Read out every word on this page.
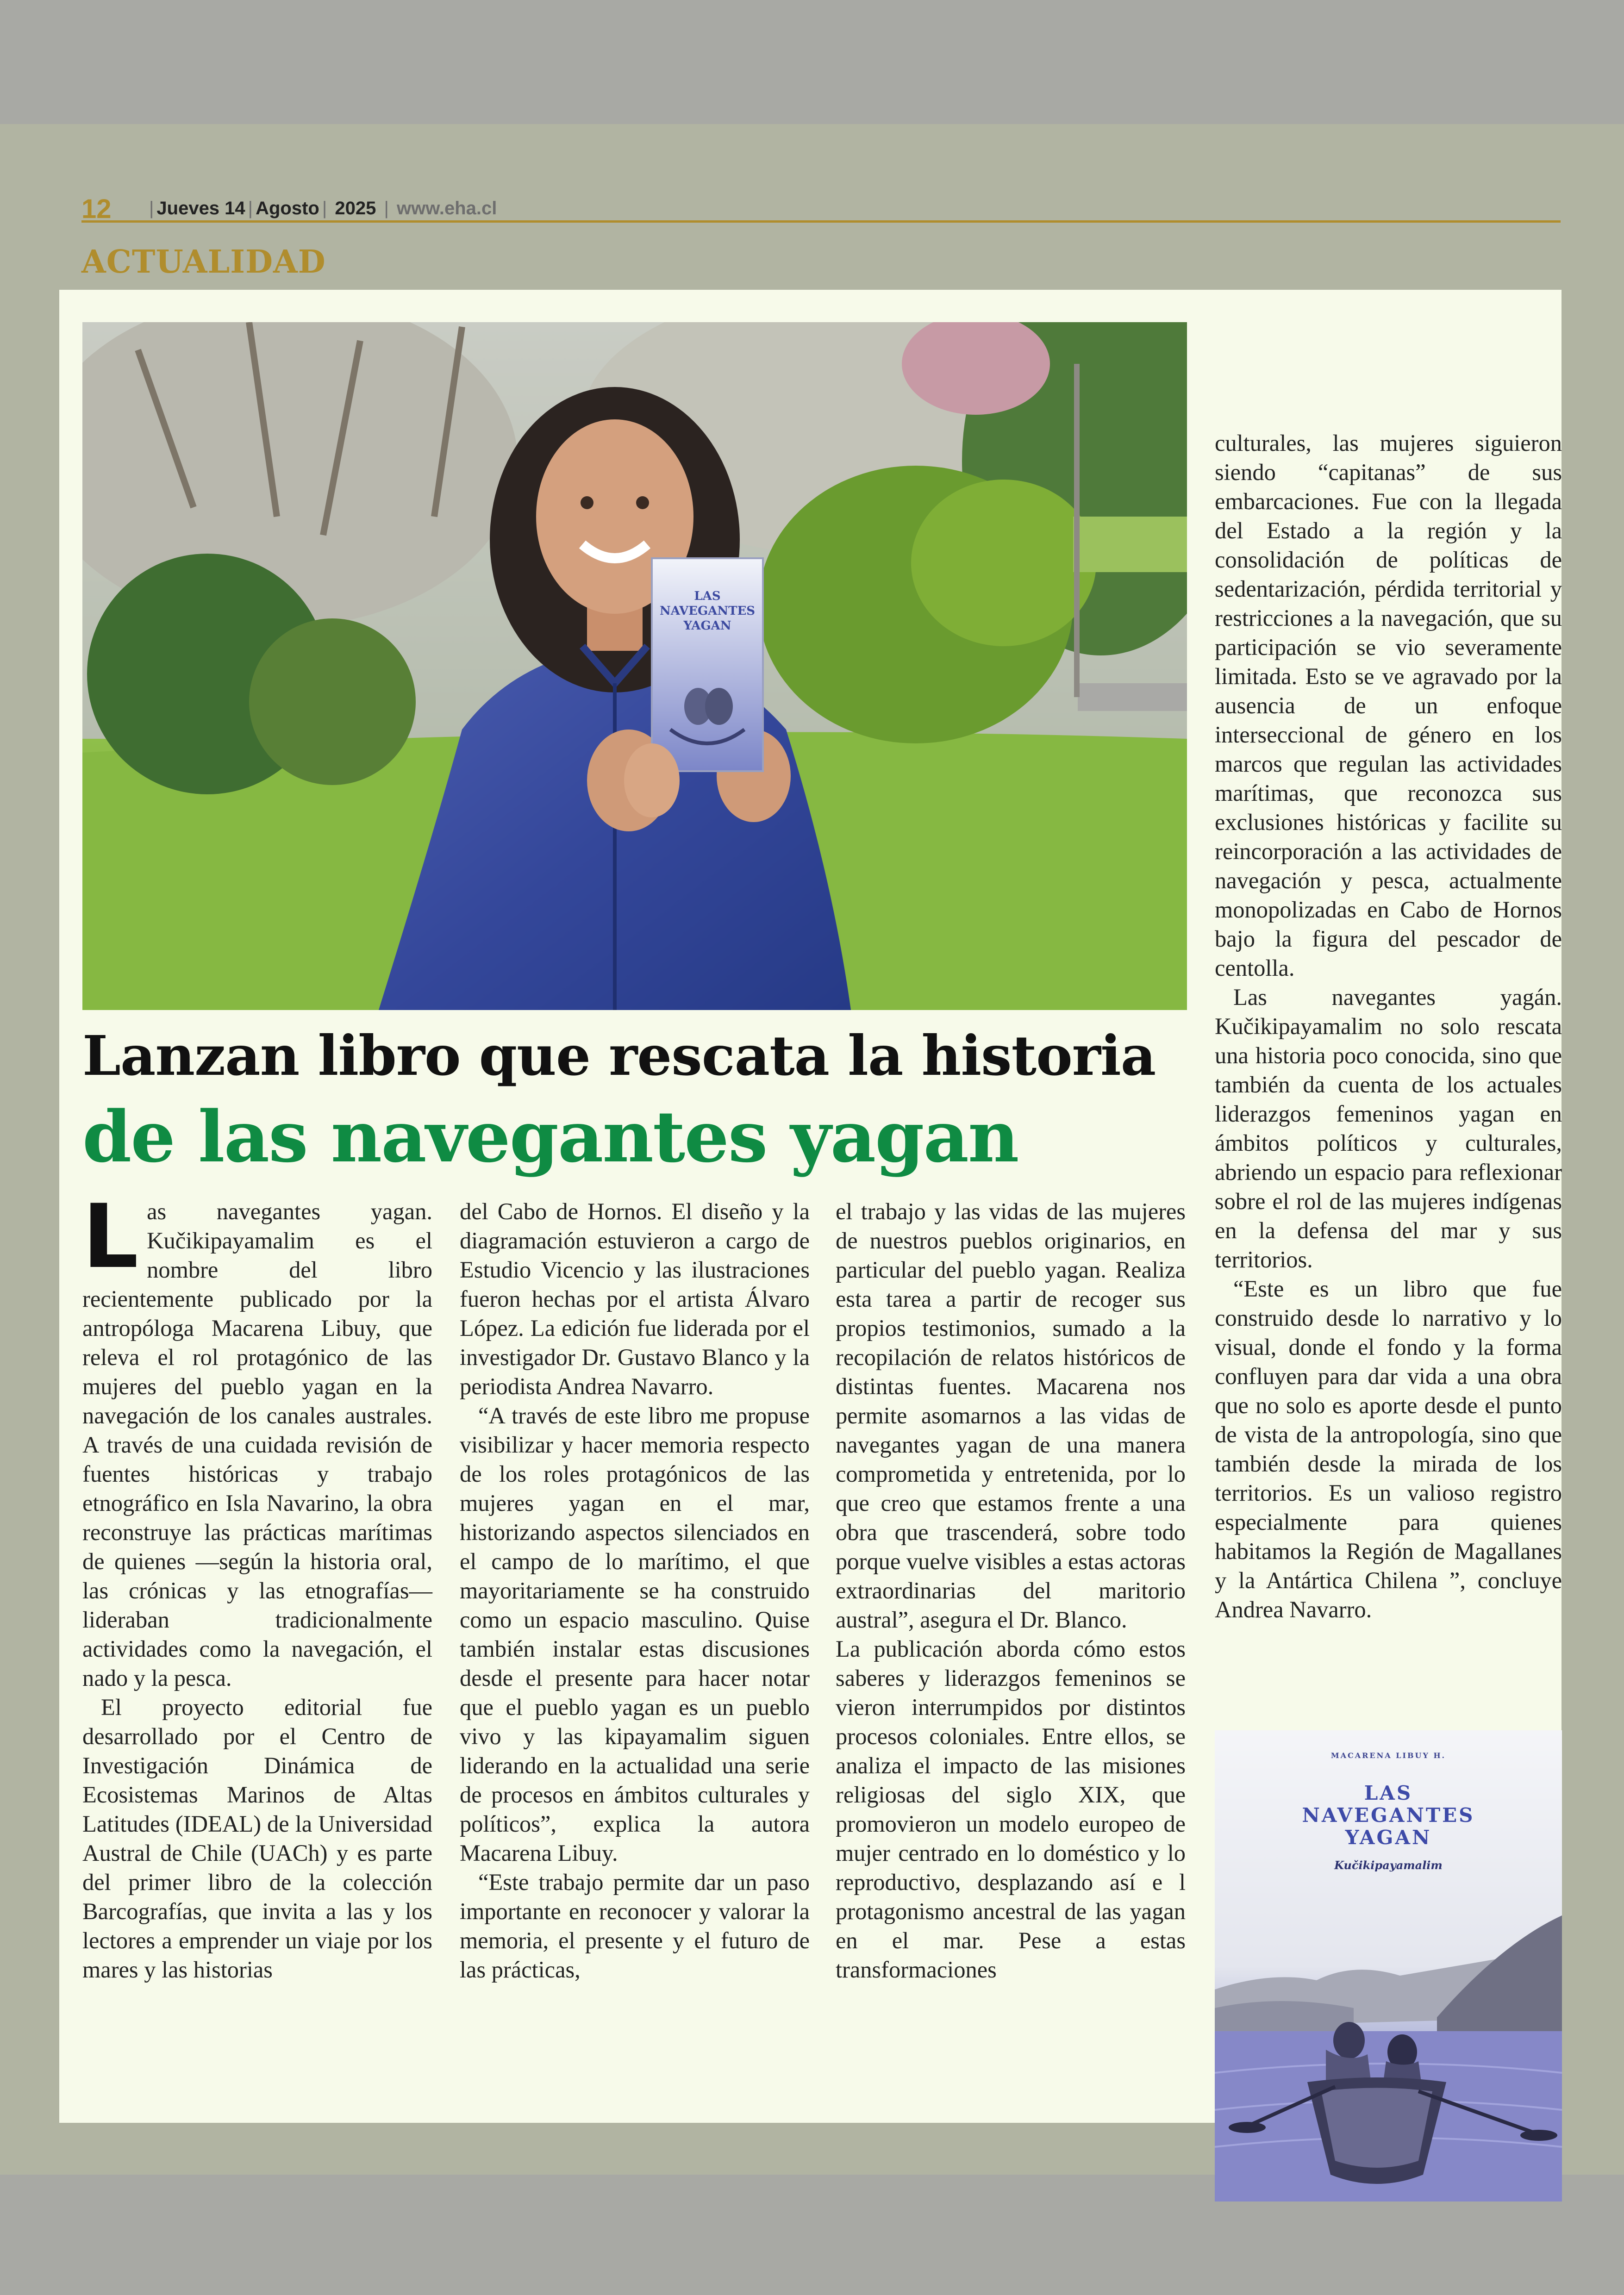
12 | Jueves 14 | Agosto | 2025 | www.eha.cl
ACTUALIDAD
LAS
NAVEGANTES
YAGAN
Lanzan libro que rescata la historia
de las navegantes yagan

Las navegantes yagan. Kučikipayamalim es el nombre del libro recientemente publicado por la antropóloga Macarena Libuy, que releva el rol protagónico de las mujeres del pueblo yagan en la navegación de los canales australes. A través de una cuidada revisión de fuentes históricas y trabajo etnográfico en Isla Navarino, la obra reconstruye las prácticas marítimas de quienes —según la historia oral, las crónicas y las etnografías— lideraban tradicionalmente actividades como la navegación, el nado y la pesca.

El proyecto editorial fue desarrollado por el Centro de Investigación Dinámica de Ecosistemas Marinos de Altas Latitudes (IDEAL) de la Universidad Austral de Chile (UACh) y es parte del primer libro de la colección Barcografías, que invita a las y los lectores a emprender un viaje por los mares y las historias

del Cabo de Hornos. El diseño y la diagramación estuvieron a cargo de Estudio Vicencio y las ilustraciones fueron hechas por el artista Álvaro López. La edición fue liderada por el investigador Dr. Gustavo Blanco y la periodista Andrea Navarro.

“A través de este libro me propuse visibilizar y hacer memoria respecto de los roles protagónicos de las mujeres yagan en el mar, historizando aspectos silenciados en el campo de lo marítimo, el que mayoritariamente se ha construido como un espacio masculino. Quise también instalar estas discusiones desde el presente para hacer notar que el pueblo yagan es un pueblo vivo y las kipayamalim siguen liderando en la actualidad una serie de procesos en ámbitos culturales y políticos”, explica la autora Macarena Libuy.

“Este trabajo permite dar un paso importante en reconocer y valorar la memoria, el presente y el futuro de las prácticas,

el trabajo y las vidas de las mujeres de nuestros pueblos originarios, en particular del pueblo yagan. Realiza esta tarea a partir de recoger sus propios testimonios, sumado a la recopilación de relatos históricos de distintas fuentes. Macarena nos permite asomarnos a las vidas de navegantes yagan de una manera comprometida y entretenida, por lo que creo que estamos frente a una obra que trascenderá, sobre todo porque vuelve visibles a estas actoras extraordinarias del maritorio austral”, asegura el Dr. Blanco.

La publicación aborda cómo estos saberes y liderazgos femeninos se vieron interrumpidos por distintos procesos coloniales. Entre ellos, se analiza el impacto de las misiones religiosas del siglo XIX, que promovieron un modelo europeo de mujer centrado en lo doméstico y lo reproductivo, desplazando así e l protagonismo ancestral de las yagan en el mar. Pese a estas transformaciones

culturales, las mujeres siguieron siendo “capitanas” de sus embarcaciones. Fue con la llegada del Estado a la región y la consolidación de políticas de sedentarización, pérdida territorial y restricciones a la navegación, que su participación se vio severamente limitada. Esto se ve agravado por la ausencia de un enfoque interseccional de género en los marcos que regulan las actividades marítimas, que reconozca sus exclusiones históricas y facilite su reincorporación a las actividades de navegación y pesca, actualmente monopolizadas en Cabo de Hornos bajo la figura del pescador de centolla.

Las navegantes yagán. Kučikipayamalim no solo rescata una historia poco conocida, sino que también da cuenta de los actuales liderazgos femeninos yagan en ámbitos políticos y culturales, abriendo un espacio para reflexionar sobre el rol de las mujeres indígenas en la defensa del mar y sus territorios.

“Este es un libro que fue construido desde lo narrativo y lo visual, donde el fondo y la forma confluyen para dar vida a una obra que no solo es aporte desde el punto de vista de la antropología, sino que también desde la mirada de los territorios. Es un valioso registro especialmente para quienes habitamos la Región de Magallanes y la Antártica Chilena ”, concluye Andrea Navarro.

MACARENA LIBUY H.
LAS
NAVEGANTES
YAGAN
Kučikipayamalim
